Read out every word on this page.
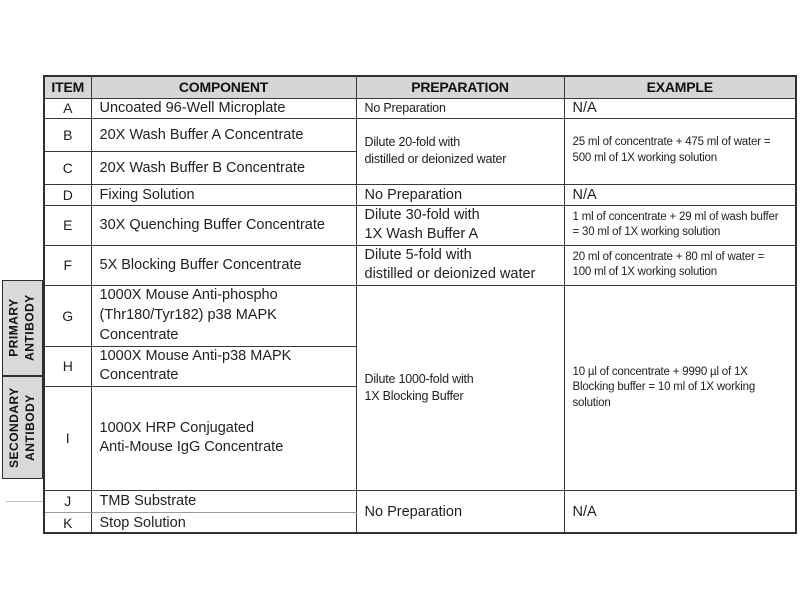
PRIMARY ANTIBODY
SECONDARY ANTIBODY
ITEM	COMPONENT	PREPARATION	EXAMPLE
A	Uncoated 96-Well Microplate	No Preparation	N/A
B	20X Wash Buffer A Concentrate	Dilute 20-fold with
distilled or deionized water	25 ml of concentrate + 475 ml of water =
500 ml of 1X working solution
C	20X Wash Buffer B Concentrate		
D	Fixing Solution	No Preparation	N/A
E	30X Quenching Buffer Concentrate	Dilute 30-fold with
1X Wash Buffer A	1 ml of concentrate + 29 ml of wash buffer
= 30 ml of 1X working solution
F	5X Blocking Buffer Concentrate	Dilute 5-fold with
distilled or deionized water	20 ml of concentrate + 80 ml of water =
100 ml of 1X working solution
G	1000X Mouse Anti-phospho
(Thr180/Tyr182) p38 MAPK
Concentrate	Dilute 1000-fold with
1X Blocking Buffer	10 µl of concentrate + 9990 µl of 1X
Blocking buffer = 10 ml of 1X working
solution
H	1000X Mouse Anti-p38 MAPK
Concentrate		
I	1000X HRP Conjugated
Anti-Mouse IgG Concentrate		
J	TMB Substrate	No Preparation	N/A
K	Stop Solution		
